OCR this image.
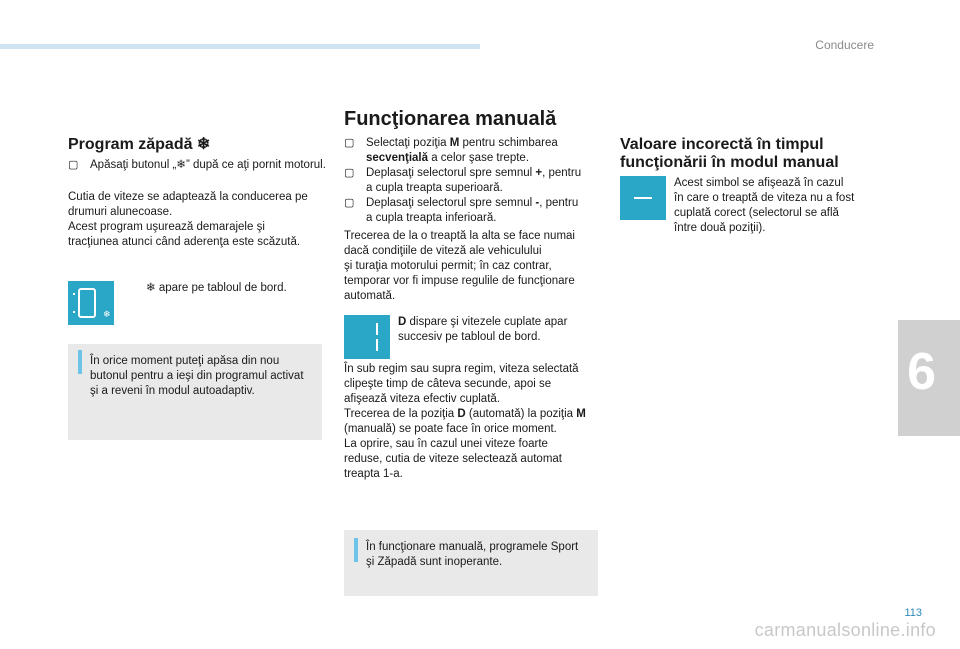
Conducere
6
Program zăpadă ❄
▢ Apăsaţi butonul „❄” după ce aţi pornit motorul.
Cutia de viteze se adaptează la conducerea pe
drumuri alunecoase.
Acest program uşurează demarajele şi
tracţiunea atunci când aderenţa este scăzută.
❄
❄ apare pe tabloul de bord.
În orice moment puteţi apăsa din nou
butonul pentru a ieşi din programul activat
şi a reveni în modul autoadaptiv.
Funcţionarea manuală
▢ Selectaţi poziţia M pentru schimbarea
secvenţială a celor şase trepte.
▢ Deplasaţi selectorul spre semnul +, pentru
a cupla treapta superioară.
▢ Deplasaţi selectorul spre semnul -, pentru
a cupla treapta inferioară.
Trecerea de la o treaptă la alta se face numai
dacă condiţiile de viteză ale vehiculului
şi turaţia motorului permit; în caz contrar,
temporar vor fi impuse regulile de funcţionare
automată.
D dispare şi vitezele cuplate apar
succesiv pe tabloul de bord.
În sub regim sau supra regim, viteza selectată
clipeşte timp de câteva secunde, apoi se
afişează viteza efectiv cuplată.
Trecerea de la poziţia D (automată) la poziţia M
(manuală) se poate face în orice moment.
La oprire, sau în cazul unei viteze foarte
reduse, cutia de viteze selectează automat
treapta 1-a.
În funcţionare manuală, programele Sport
şi Zăpadă sunt inoperante.
Valoare incorectă în timpul
funcţionării în modul manual
Acest simbol se afişează în cazul
în care o treaptă de viteza nu a fost
cuplată corect (selectorul se află
între două poziţii).
113
carmanualsonline.info
